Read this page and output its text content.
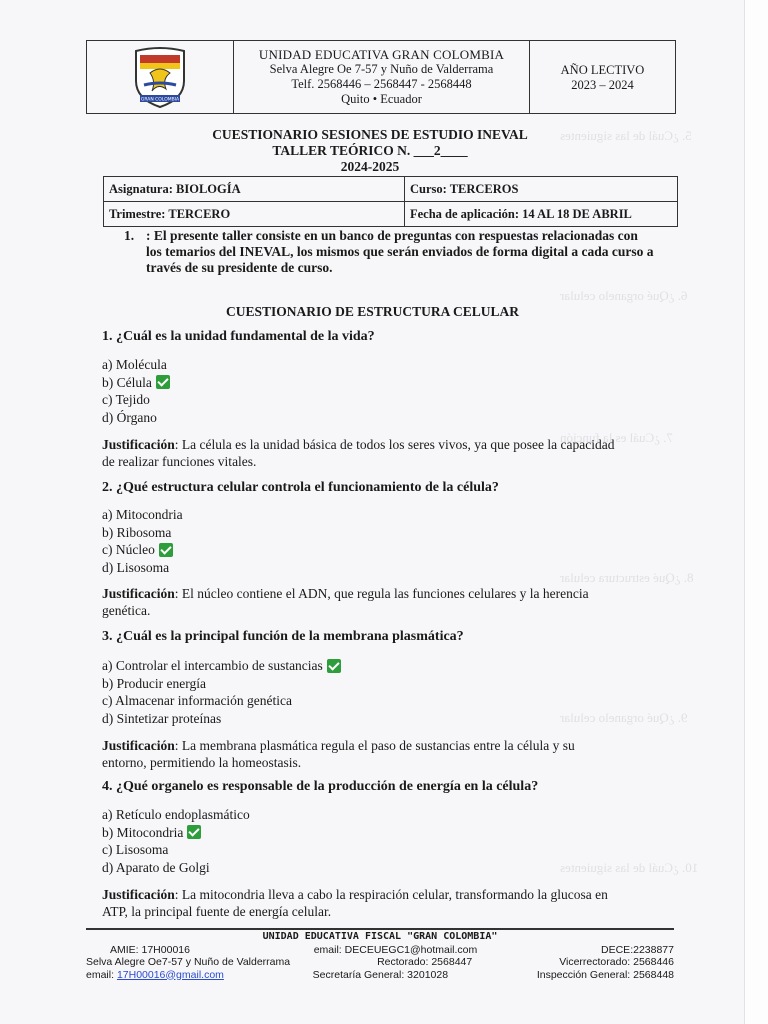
5. ¿Cuál de las siguientes
6. ¿Qué organelo celular
7. ¿Cuál es la función
8. ¿Qué estructura celular
9. ¿Qué organelo celular
10. ¿Cuál de las siguientes
GRAN COLOMBIA
UNIDAD EDUCATIVA GRAN COLOMBIA
Selva Alegre Oe 7-57 y Nuño de Valderrama
Telf. 2568446 – 2568447 - 2568448
Quito • Ecuador
AÑO LECTIVO
2023 – 2024
CUESTIONARIO SESIONES DE ESTUDIO INEVAL
TALLER TEÓRICO N. ___2____
2024-2025
Asignatura: BIOLOGÍA	Curso: TERCEROS
Trimestre: TERCERO	Fecha de aplicación: 14 AL 18 DE ABRIL
1. : El presente taller consiste en un banco de preguntas con respuestas relacionadas con los temarios del INEVAL, los mismos que serán enviados de forma digital a cada curso a través de su presidente de curso.
CUESTIONARIO DE ESTRUCTURA CELULAR
1. ¿Cuál es la unidad fundamental de la vida?
a) Molécula
b) Célula
c) Tejido
d) Órgano
Justificación: La célula es la unidad básica de todos los seres vivos, ya que posee la capacidad de realizar funciones vitales.
2. ¿Qué estructura celular controla el funcionamiento de la célula?
a) Mitocondria
b) Ribosoma
c) Núcleo
d) Lisosoma
Justificación: El núcleo contiene el ADN, que regula las funciones celulares y la herencia genética.
3. ¿Cuál es la principal función de la membrana plasmática?
a) Controlar el intercambio de sustancias
b) Producir energía
c) Almacenar información genética
d) Sintetizar proteínas
Justificación: La membrana plasmática regula el paso de sustancias entre la célula y su entorno, permitiendo la homeostasis.
4. ¿Qué organelo es responsable de la producción de energía en la célula?
a) Retículo endoplasmático
b) Mitocondria
c) Lisosoma
d) Aparato de Golgi
Justificación: La mitocondria lleva a cabo la respiración celular, transformando la glucosa en ATP, la principal fuente de energía celular.
UNIDAD EDUCATIVA FISCAL "GRAN COLOMBIA"
AMIE: 17H00016	email: DECEUEGC1@hotmail.com	DECE:2238877
Selva Alegre Oe7-57 y Nuño de Valderrama	Rectorado: 2568447	Vicerrectorado: 2568446
email: 17H00016@gmail.com	Secretaría General: 3201028	Inspección General: 2568448
